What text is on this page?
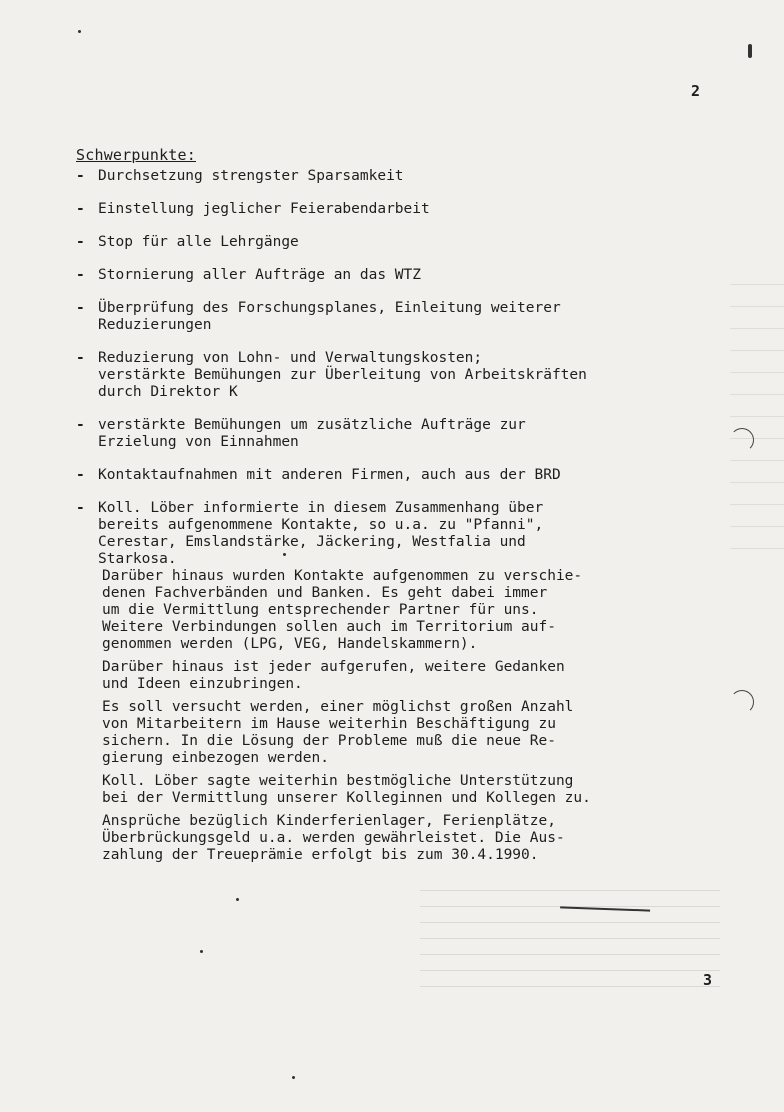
2
Schwerpunkte:
- Durchsetzung strengster Sparsamkeit
- Einstellung jeglicher Feierabendarbeit
- Stop für alle Lehrgänge
- Stornierung aller Aufträge an das WTZ
- Überprüfung des Forschungsplanes, Einleitung weiterer
Reduzierungen
- Reduzierung von Lohn- und Verwaltungskosten;
verstärkte Bemühungen zur Überleitung von Arbeitskräften
durch Direktor K
- verstärkte Bemühungen um zusätzliche Aufträge zur
Erzielung von Einnahmen
- Kontaktaufnahmen mit anderen Firmen, auch aus der BRD
- Koll. Löber informierte in diesem Zusammenhang über
bereits aufgenommene Kontakte, so u.a. zu "Pfanni",
Cerestar, Emslandstärke, Jäckering, Westfalia und
Starkosa.
Darüber hinaus wurden Kontakte aufgenommen zu verschie-
denen Fachverbänden und Banken. Es geht dabei immer
um die Vermittlung entsprechender Partner für uns.
Weitere Verbindungen sollen auch im Territorium auf-
genommen werden (LPG, VEG, Handelskammern).
Darüber hinaus ist jeder aufgerufen, weitere Gedanken
und Ideen einzubringen.
Es soll versucht werden, einer möglichst großen Anzahl
von Mitarbeitern im Hause weiterhin Beschäftigung zu
sichern. In die Lösung der Probleme muß die neue Re-
gierung einbezogen werden.
Koll. Löber sagte weiterhin bestmögliche Unterstützung
bei der Vermittlung unserer Kolleginnen und Kollegen zu.
Ansprüche bezüglich Kinderferienlager, Ferienplätze,
Überbrückungsgeld u.a. werden gewährleistet. Die Aus-
zahlung der Treueprämie erfolgt bis zum 30.4.1990.
3
